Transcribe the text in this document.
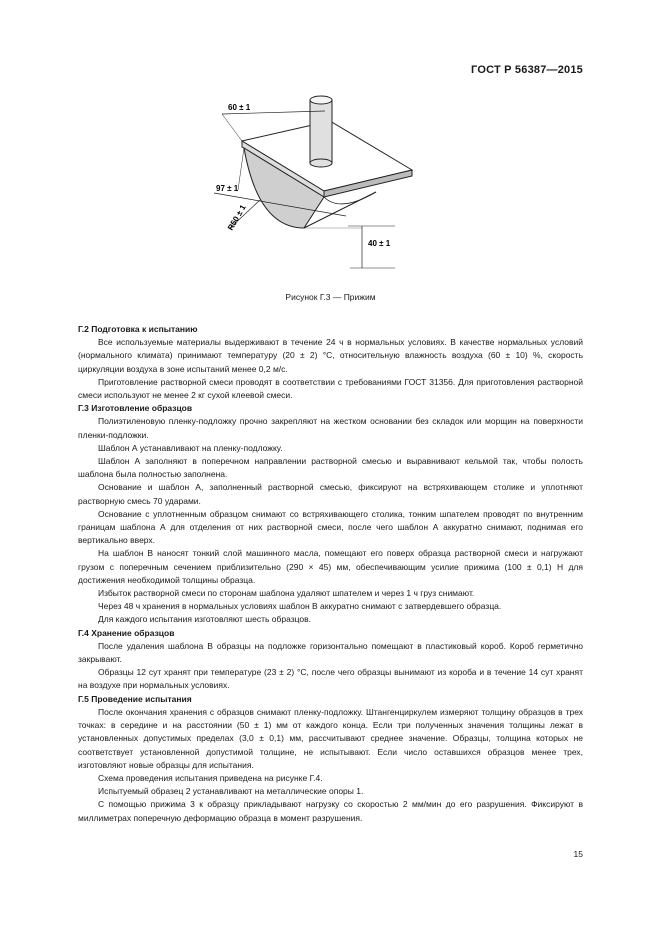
ГОСТ Р 56387—2015
60 ± 1
97 ± 1
R50 ± 1
40 ± 1
Рисунок Г.3 — Прижим
Г.2 Подготовка к испытанию

Все используемые материалы выдерживают в течение 24 ч в нормальных условиях. В качестве нормальных условий (нормального климата) принимают температуру (20 ± 2) °С, относительную влажность воздуха (60 ± 10) %, скорость циркуляции воздуха в зоне испытаний менее 0,2 м/с.

Приготовление растворной смеси проводят в соответствии с требованиями ГОСТ 31356. Для приготовления растворной смеси используют не менее 2 кг сухой клеевой смеси.

Г.3 Изготовление образцов

Полиэтиленовую пленку-подложку прочно закрепляют на жестком основании без складок или морщин на поверхности пленки-подложки.

Шаблон А устанавливают на пленку-подложку.

Шаблон А заполняют в поперечном направлении растворной смесью и выравнивают кельмой так, чтобы полость шаблона была полностью заполнена.

Основание и шаблон А, заполненный растворной смесью, фиксируют на встряхивающем столике и уплотняют растворную смесь 70 ударами.

Основание с уплотненным образцом снимают со встряхивающего столика, тонким шпателем проводят по внутренним границам шаблона А для отделения от них растворной смеси, после чего шаблон А аккуратно снимают, поднимая его вертикально вверх.

На шаблон В наносят тонкий слой машинного масла, помещают его поверх образца растворной смеси и нагружают грузом с поперечным сечением приблизительно (290 × 45) мм, обеспечивающим усилие прижима (100 ± 0,1) Н для достижения необходимой толщины образца.

Избыток растворной смеси по сторонам шаблона удаляют шпателем и через 1 ч груз снимают.

Через 48 ч хранения в нормальных условиях шаблон В аккуратно снимают с затвердевшего образца.

Для каждого испытания изготовляют шесть образцов.

Г.4 Хранение образцов

После удаления шаблона В образцы на подложке горизонтально помещают в пластиковый короб. Короб герметично закрывают.

Образцы 12 сут хранят при температуре (23 ± 2) °С, после чего образцы вынимают из короба и в течение 14 сут хранят на воздухе при нормальных условиях.

Г.5 Проведение испытания

После окончания хранения с образцов снимают пленку-подложку. Штангенциркулем измеряют толщину образцов в трех точках: в середине и на расстоянии (50 ± 1) мм от каждого конца. Если три полученных значения толщины лежат в установленных допустимых пределах (3,0 ± 0,1) мм, рассчитывают среднее значение. Образцы, толщина которых не соответствует установленной допустимой толщине, не испытывают. Если число оставшихся образцов менее трех, изготовляют новые образцы для испытания.

Схема проведения испытания приведена на рисунке Г.4.

Испытуемый образец 2 устанавливают на металлические опоры 1.

С помощью прижима 3 к образцу прикладывают нагрузку со скоростью 2 мм/мин до его разрушения. Фиксируют в миллиметрах поперечную деформацию образца в момент разрушения.

15
